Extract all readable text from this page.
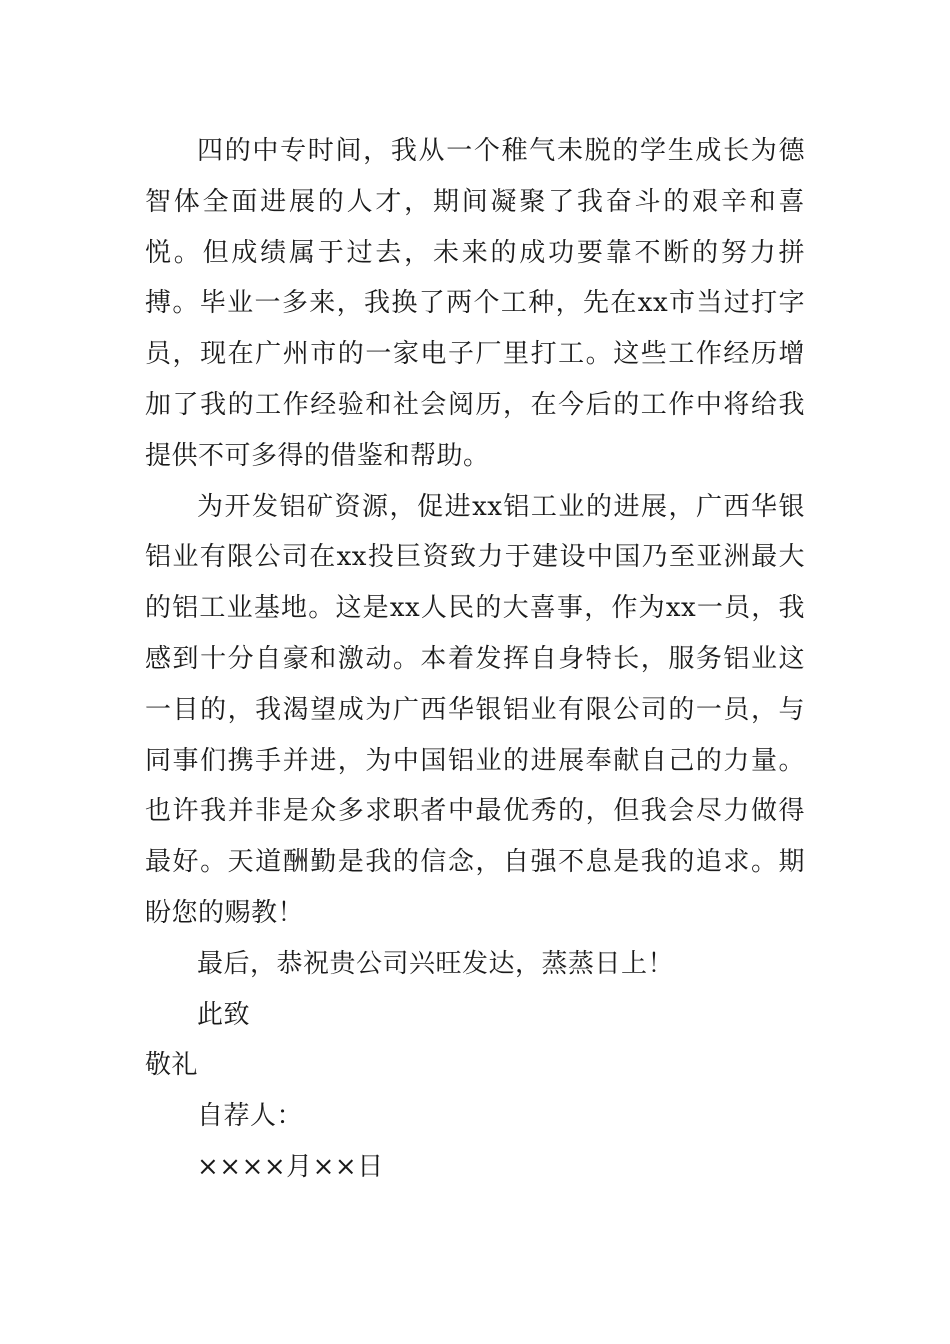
四的中专时间，我从一个稚气未脱的学生成长为德智体全面进展的人才，期间凝聚了我奋斗的艰辛和喜悦。但成绩属于过去，未来的成功要靠不断的努力拼搏。毕业一多来，我换了两个工种，先在xx市当过打字员，现在广州市的一家电子厂里打工。这些工作经历增加了我的工作经验和社会阅历，在今后的工作中将给我提供不可多得的借鉴和帮助。

为开发铝矿资源，促进xx铝工业的进展，广西华银铝业有限公司在xx投巨资致力于建设中国乃至亚洲最大的铝工业基地。这是xx人民的大喜事，作为xx一员，我感到十分自豪和激动。本着发挥自身特长，服务铝业这一目的，我渴望成为广西华银铝业有限公司的一员，与同事们携手并进，为中国铝业的进展奉献自己的力量。也许我并非是众多求职者中最优秀的，但我会尽力做得最好。天道酬勤是我的信念，自强不息是我的追求。期盼您的赐教！

最后，恭祝贵公司兴旺发达，蒸蒸日上！

此致

敬礼

自荐人：

××××月××日
